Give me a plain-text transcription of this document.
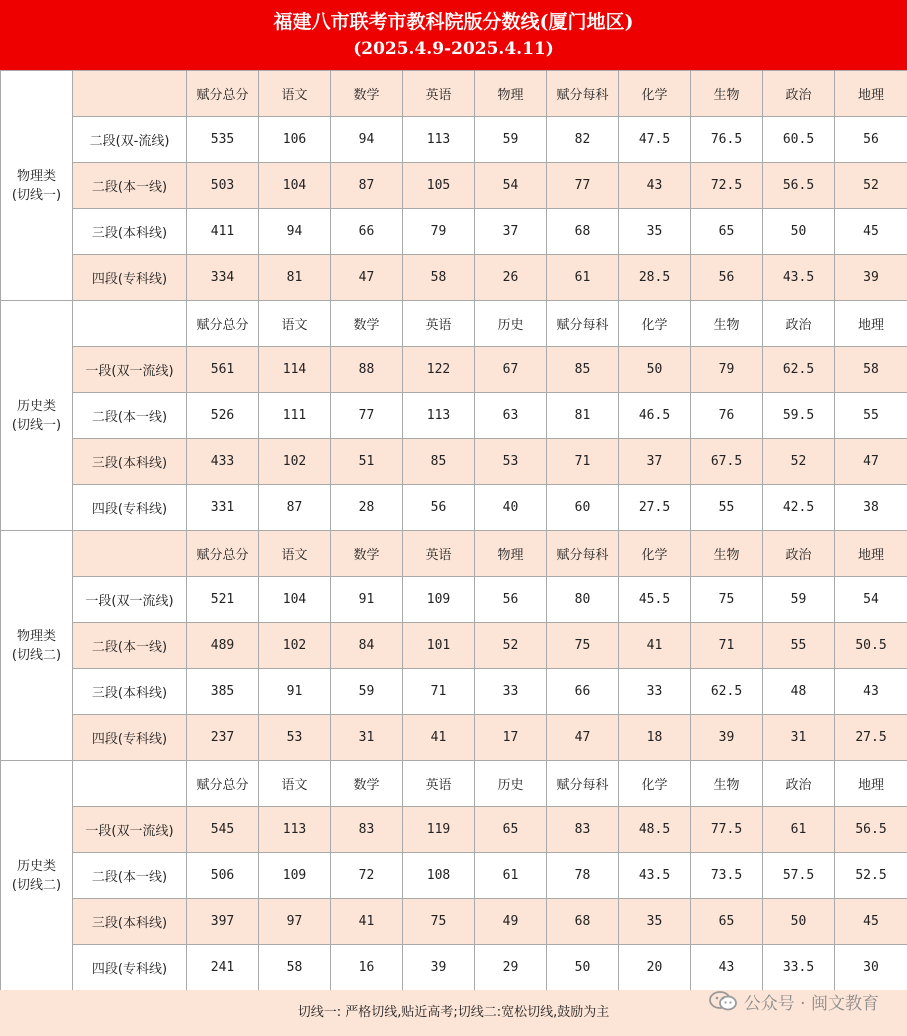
福建八市联考市教科院版分数线(厦门地区)
(2025.4.9-2025.4.11)
物理类
(切线一)		赋分总分	语文	数学	英语	物理	赋分每科	化学	生物	政治	地理
	二段(双-流线)	535	106	94	113	59	82	47.5	76.5	60.5	56
	二段(本一线)	503	104	87	105	54	77	43	72.5	56.5	52
	三段(本科线)	411	94	66	79	37	68	35	65	50	45
	四段(专科线)	334	81	47	58	26	61	28.5	56	43.5	39
历史类
(切线一)		赋分总分	语文	数学	英语	历史	赋分每科	化学	生物	政治	地理
	一段(双一流线)	561	114	88	122	67	85	50	79	62.5	58
	二段(本一线)	526	111	77	113	63	81	46.5	76	59.5	55
	三段(本科线)	433	102	51	85	53	71	37	67.5	52	47
	四段(专科线)	331	87	28	56	40	60	27.5	55	42.5	38
物理类
(切线二)		赋分总分	语文	数学	英语	物理	赋分每科	化学	生物	政治	地理
	一段(双一流线)	521	104	91	109	56	80	45.5	75	59	54
	二段(本一线)	489	102	84	101	52	75	41	71	55	50.5
	三段(本科线)	385	91	59	71	33	66	33	62.5	48	43
	四段(专科线)	237	53	31	41	17	47	18	39	31	27.5
历史类
(切线二)		赋分总分	语文	数学	英语	历史	赋分每科	化学	生物	政治	地理
	一段(双一流线)	545	113	83	119	65	83	48.5	77.5	61	56.5
	二段(本一线)	506	109	72	108	61	78	43.5	73.5	57.5	52.5
	三段(本科线)	397	97	41	75	49	68	35	65	50	45
	四段(专科线)	241	58	16	39	29	50	20	43	33.5	30
切线一: 严格切线,贴近高考;切线二:宽松切线,鼓励为主	公众号 · 闽文教育
